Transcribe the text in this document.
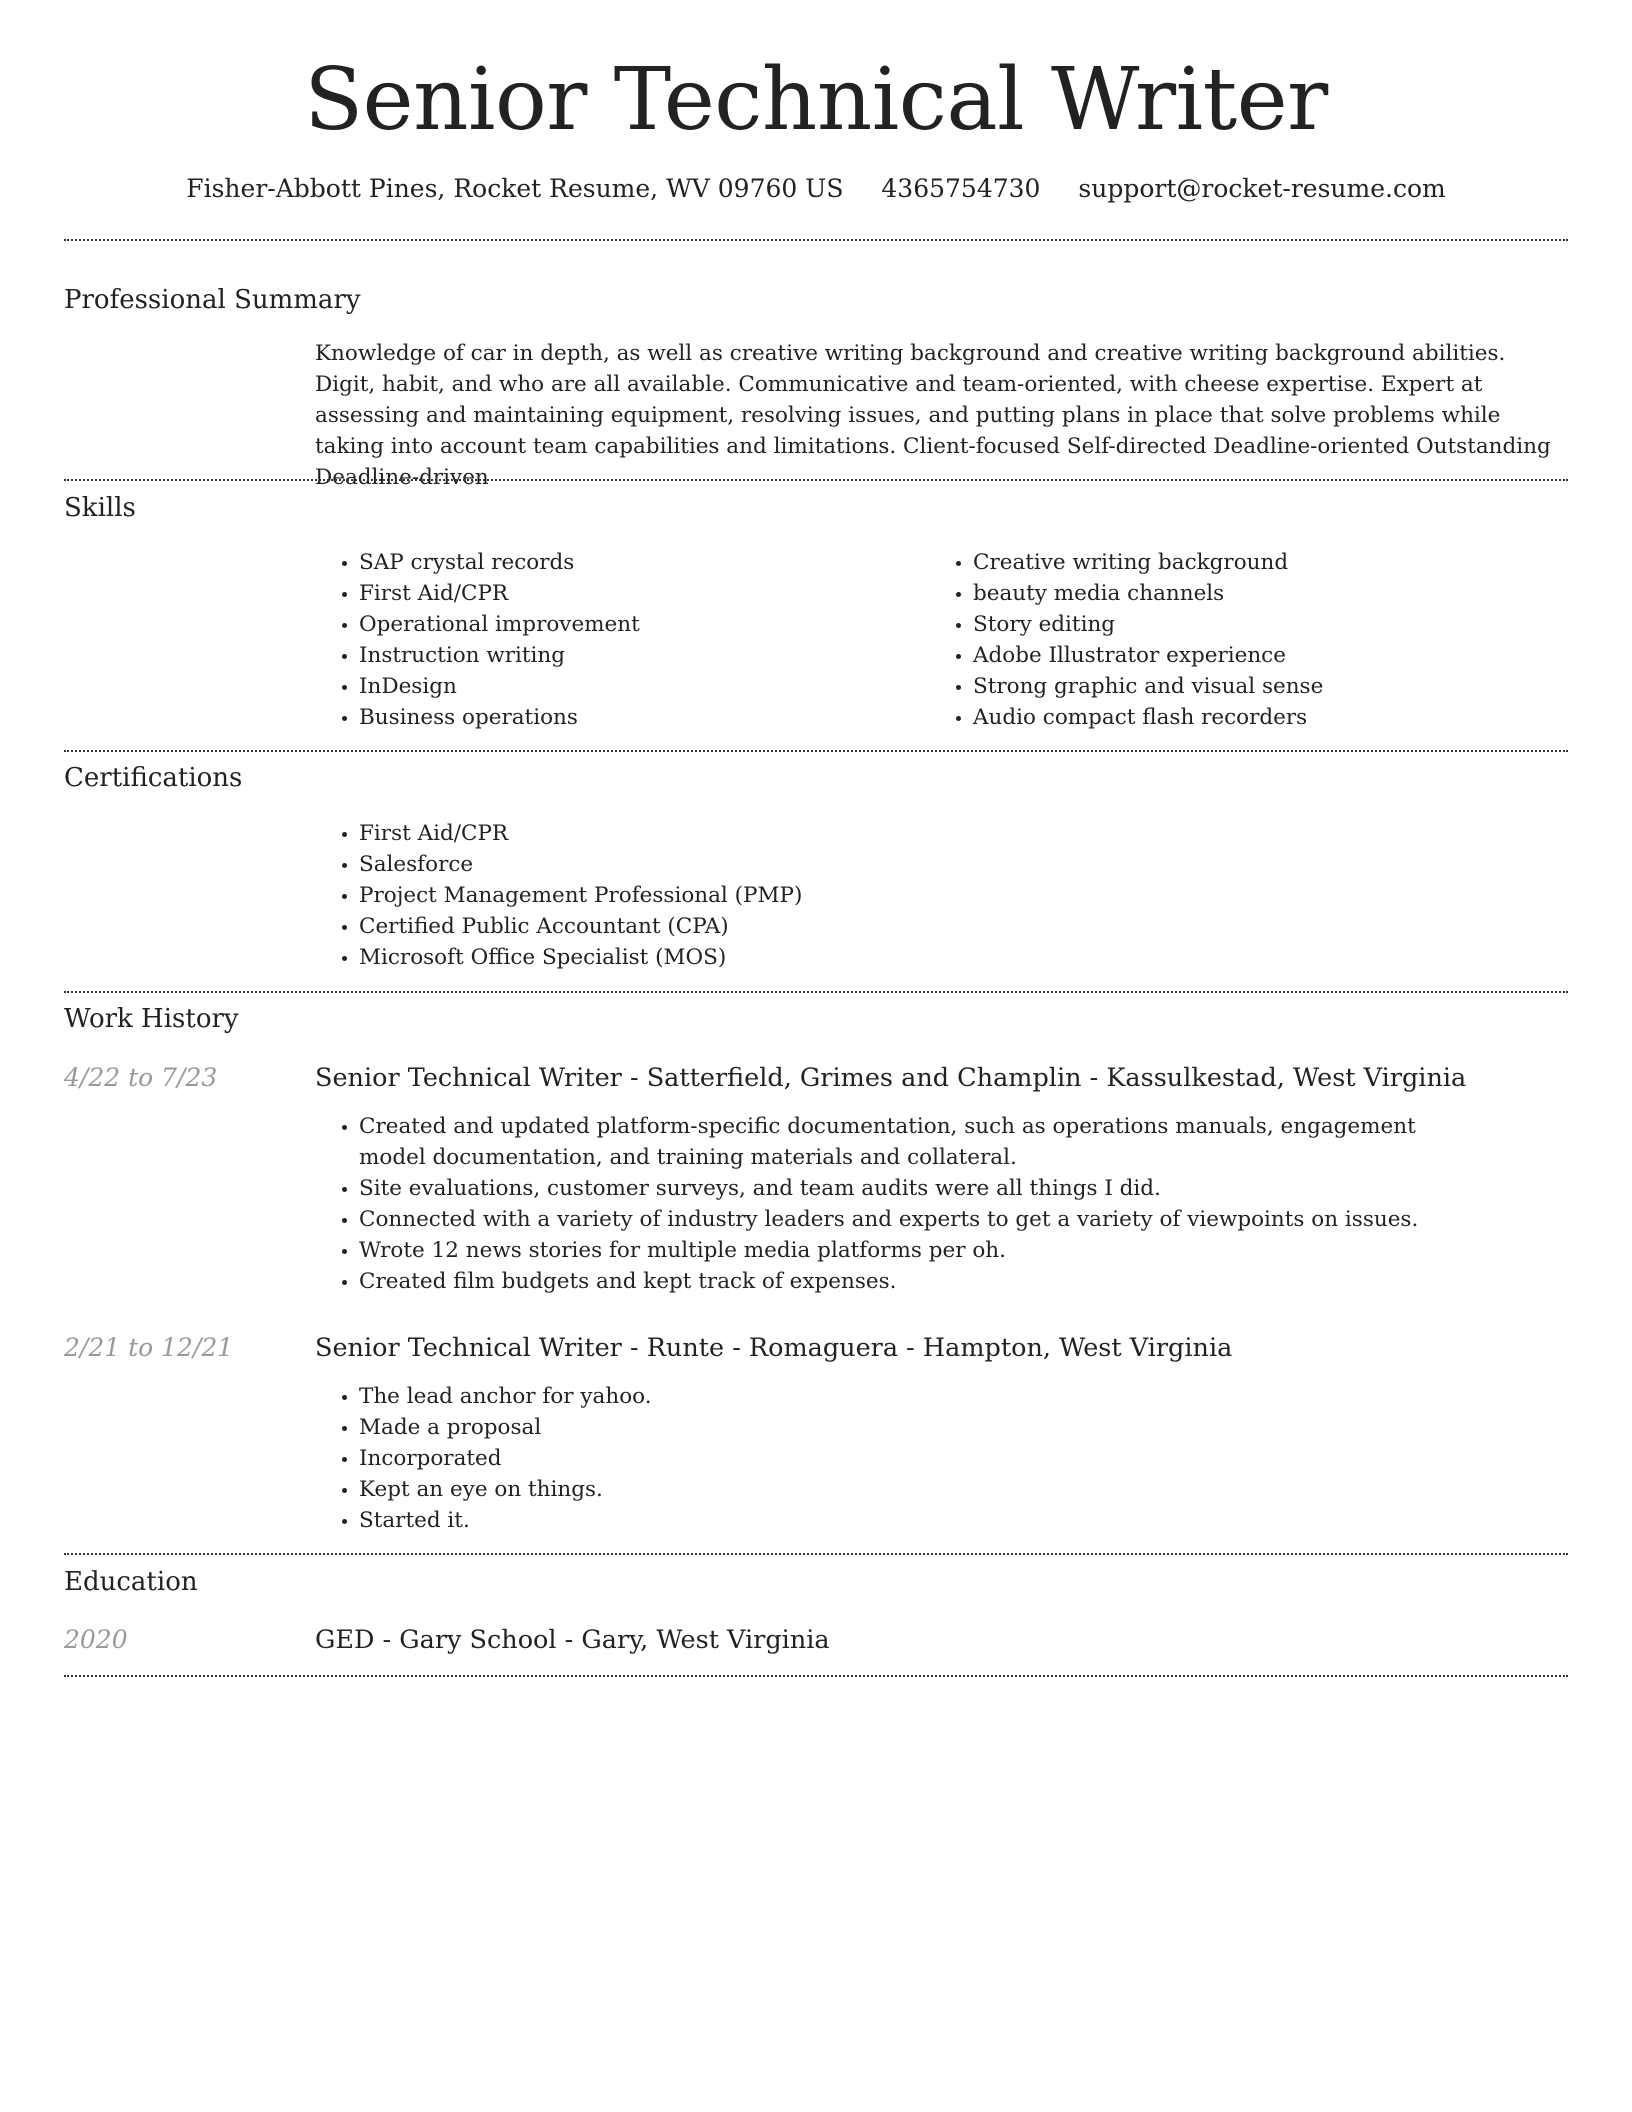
Senior Technical Writer
Fisher-Abbott Pines, Rocket Resume, WV 09760 US 4365754730 support@rocket-resume.com
Professional Summary
Knowledge of car in depth, as well as creative writing background and creative writing background abilities. Digit, habit, and who are all available. Communicative and team-oriented, with cheese expertise. Expert at assessing and maintaining equipment, resolving issues, and putting plans in place that solve problems while taking into account team capabilities and limitations. Client-focused Self-directed Deadline-oriented Outstanding Deadline-driven
Skills
• SAP crystal records
• First Aid/CPR
• Operational improvement
• Instruction writing
• InDesign
• Business operations
• Creative writing background
• beauty media channels
• Story editing
• Adobe Illustrator experience
• Strong graphic and visual sense
• Audio compact flash recorders
Certifications
• First Aid/CPR
• Salesforce
• Project Management Professional (PMP)
• Certified Public Accountant (CPA)
• Microsoft Office Specialist (MOS)
Work History
4/22 to 7/23	Senior Technical Writer - Satterfield, Grimes and Champlin - Kassulkestad, West Virginia
• Created and updated platform-specific documentation, such as operations manuals, engagement model documentation, and training materials and collateral.
• Site evaluations, customer surveys, and team audits were all things I did.
• Connected with a variety of industry leaders and experts to get a variety of viewpoints on issues.
• Wrote 12 news stories for multiple media platforms per oh.
• Created film budgets and kept track of expenses.
2/21 to 12/21	Senior Technical Writer - Runte - Romaguera - Hampton, West Virginia
• The lead anchor for yahoo.
• Made a proposal
• Incorporated
• Kept an eye on things.
• Started it.
Education
2020	GED - Gary School - Gary, West Virginia
